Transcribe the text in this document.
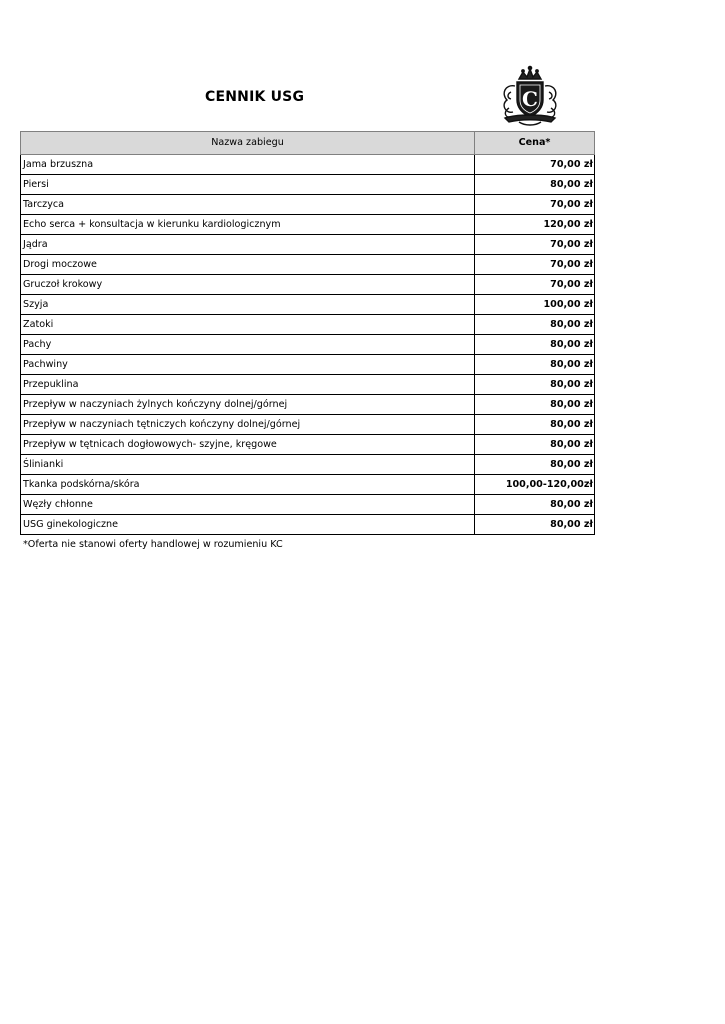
CENNIK USG	C
Nazwa zabiegu	Cena*
Jama brzuszna	70,00 zł
Piersi	80,00 zł
Tarczyca	70,00 zł
Echo serca + konsultacja w kierunku kardiologicznym	120,00 zł
Jądra	70,00 zł
Drogi moczowe	70,00 zł
Gruczoł krokowy	70,00 zł
Szyja	100,00 zł
Zatoki	80,00 zł
Pachy	80,00 zł
Pachwiny	80,00 zł
Przepuklina	80,00 zł
Przepływ w naczyniach żylnych kończyny dolnej/górnej	80,00 zł
Przepływ w naczyniach tętniczych kończyny dolnej/górnej	80,00 zł
Przepływ w tętnicach dogłowowych- szyjne, kręgowe	80,00 zł
Ślinianki	80,00 zł
Tkanka podskórna/skóra	100,00-120,00zł
Węzły chłonne	80,00 zł
USG ginekologiczne	80,00 zł
*Oferta nie stanowi oferty handlowej w rozumieniu KC
